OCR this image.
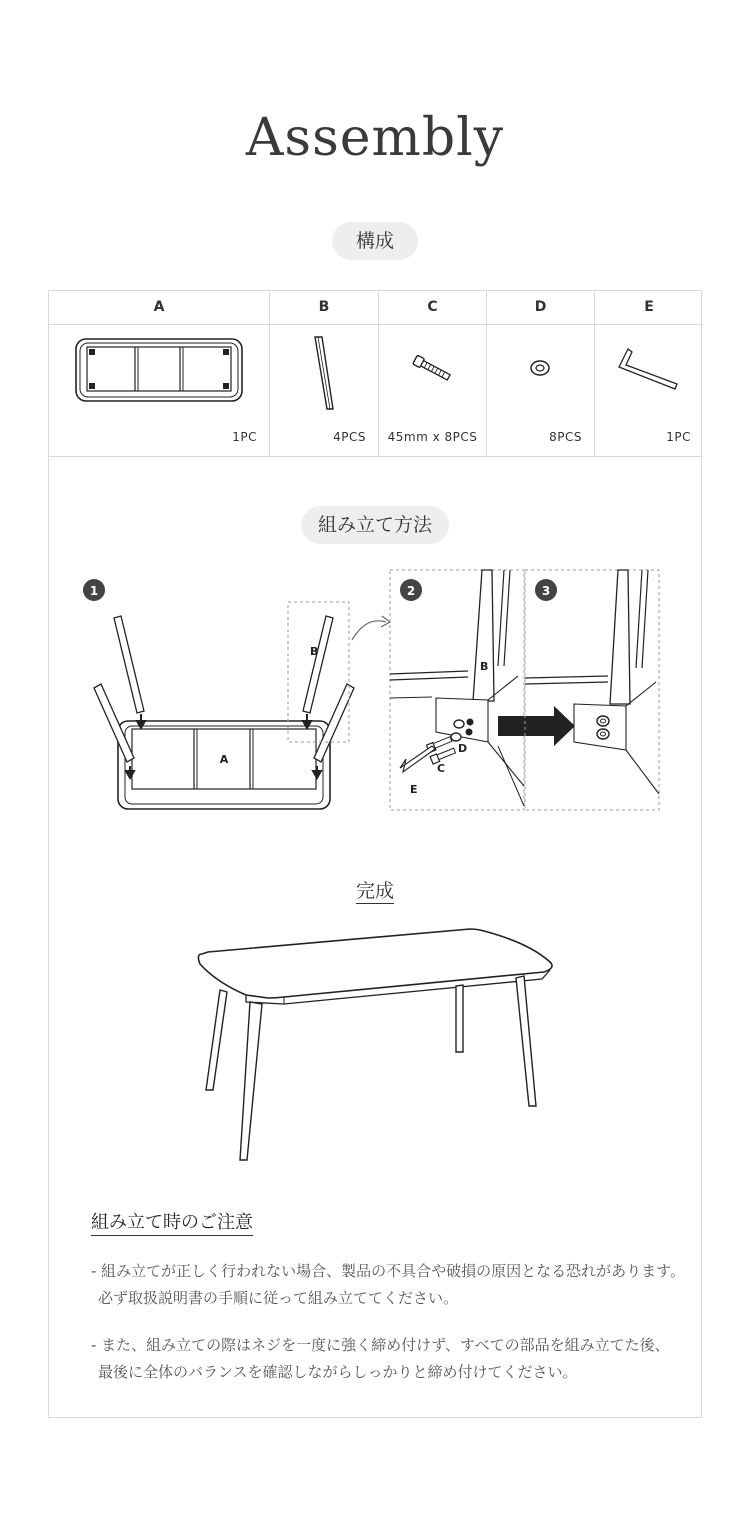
Assembly
構成
A
1PC
B
4PCS
C
45mm x 8PCS
D
8PCS
E
1PC
組み立て方法
1
A
B
2
B
D
C
E
3
完成
組み立て時のご注意
- 組み立てが正しく行われない場合、製品の不具合や破損の原因となる恐れがあります。
必ず取扱説明書の手順に従って組み立ててください。
- また、組み立ての際はネジを一度に強く締め付けず、すべての部品を組み立てた後、
最後に全体のバランスを確認しながらしっかりと締め付けてください。
